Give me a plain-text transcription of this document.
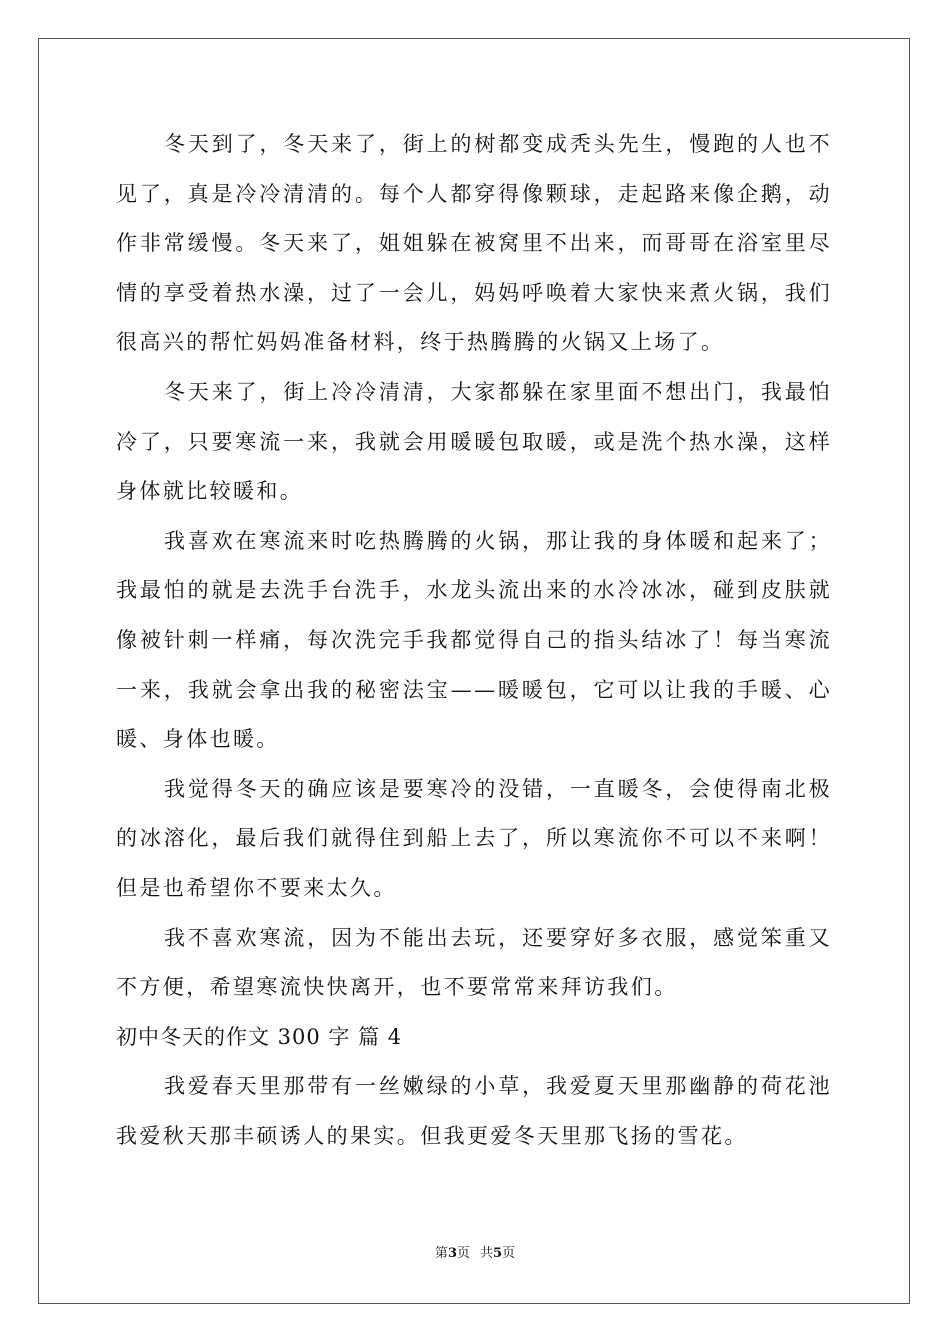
冬天到了，冬天来了，街上的树都变成秃头先生，慢跑的人也不见了，真是冷冷清清的。每个人都穿得像颗球，走起路来像企鹅，动作非常缓慢。冬天来了，姐姐躲在被窝里不出来，而哥哥在浴室里尽情的享受着热水澡，过了一会儿，妈妈呼唤着大家快来煮火锅，我们很高兴的帮忙妈妈准备材料，终于热腾腾的火锅又上场了。

冬天来了，街上冷冷清清，大家都躲在家里面不想出门，我最怕冷了，只要寒流一来，我就会用暖暖包取暖，或是洗个热水澡，这样身体就比较暖和。

我喜欢在寒流来时吃热腾腾的火锅，那让我的身体暖和起来了；我最怕的就是去洗手台洗手，水龙头流出来的水冷冰冰，碰到皮肤就像被针刺一样痛，每次洗完手我都觉得自己的指头结冰了！每当寒流一来，我就会拿出我的秘密法宝——暖暖包，它可以让我的手暖、心暖、身体也暖。

我觉得冬天的确应该是要寒冷的没错，一直暖冬，会使得南北极的冰溶化，最后我们就得住到船上去了，所以寒流你不可以不来啊！但是也希望你不要来太久。

我不喜欢寒流，因为不能出去玩，还要穿好多衣服，感觉笨重又不方便，希望寒流快快离开，也不要常常来拜访我们。

初中冬天的作文 300 字 篇 4

我爱春天里那带有一丝嫩绿的小草，我爱夏天里那幽静的荷花池我爱秋天那丰硕诱人的果实。但我更爱冬天里那飞扬的雪花。

第3页 共5页
